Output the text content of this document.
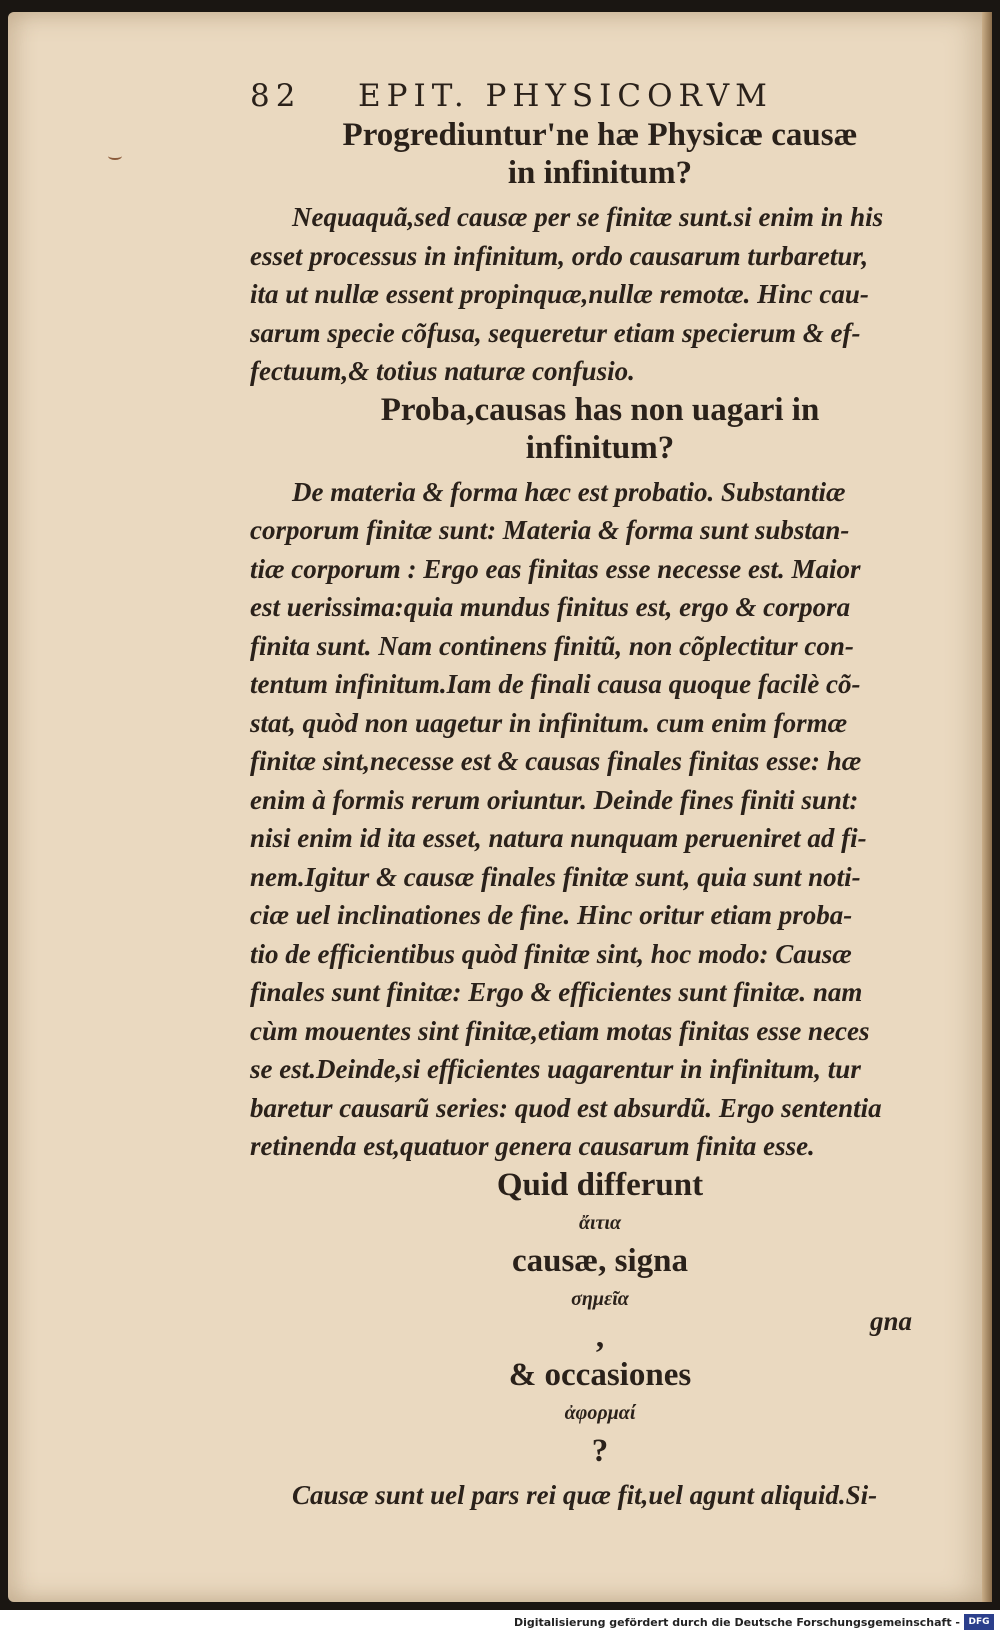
82 EPIT. PHYSICORVM
Progrediuntur'ne hæ Physicæ causæ
in infinitum?
Nequaquã,sed causæ per se finitæ sunt.si enim in his
esset processus in infinitum, ordo causarum turbaretur,
ita ut nullæ essent propinquæ,nullæ remotæ. Hinc cau-
sarum specie cõfusa, sequeretur etiam specierum & ef-
fectuum,& totius naturæ confusio.
Proba,causas has non uagari in
infinitum?
De materia & forma hæc est probatio. Substantiæ
corporum finitæ sunt: Materia & forma sunt substan-
tiæ corporum : Ergo eas finitas esse necesse est. Maior
est uerissima:quia mundus finitus est, ergo & corpora
finita sunt. Nam continens finitũ, non cõplectitur con-
tentum infinitum.Iam de finali causa quoque facilè cõ-
stat, quòd non uagetur in infinitum. cum enim formæ
finitæ sint,necesse est & causas finales finitas esse: hæ
enim à formis rerum oriuntur. Deinde fines finiti sunt:
nisi enim id ita esset, natura nunquam perueniret ad fi-
nem.Igitur & causæ finales finitæ sunt, quia sunt noti-
ciæ uel inclinationes de fine. Hinc oritur etiam proba-
tio de efficientibus quòd finitæ sint, hoc modo: Causæ
finales sunt finitæ: Ergo & efficientes sunt finitæ. nam
cùm mouentes sint finitæ,etiam motas finitas esse neces
se est.Deinde,si efficientes uagarentur in infinitum, tur
baretur causarũ series: quod est absurdũ. Ergo sententia
retinenda est,quatuor genera causarum finita esse.
Quid differunt
ἄιτια
causæ, signa
σημεῖα
,
& occasiones
ἀφορμαί
?
Causæ sunt uel pars rei quæ fit,uel agunt aliquid.Si-
gna
Digitalisierung gefördert durch die Deutsche Forschungsgemeinschaft - DFG
